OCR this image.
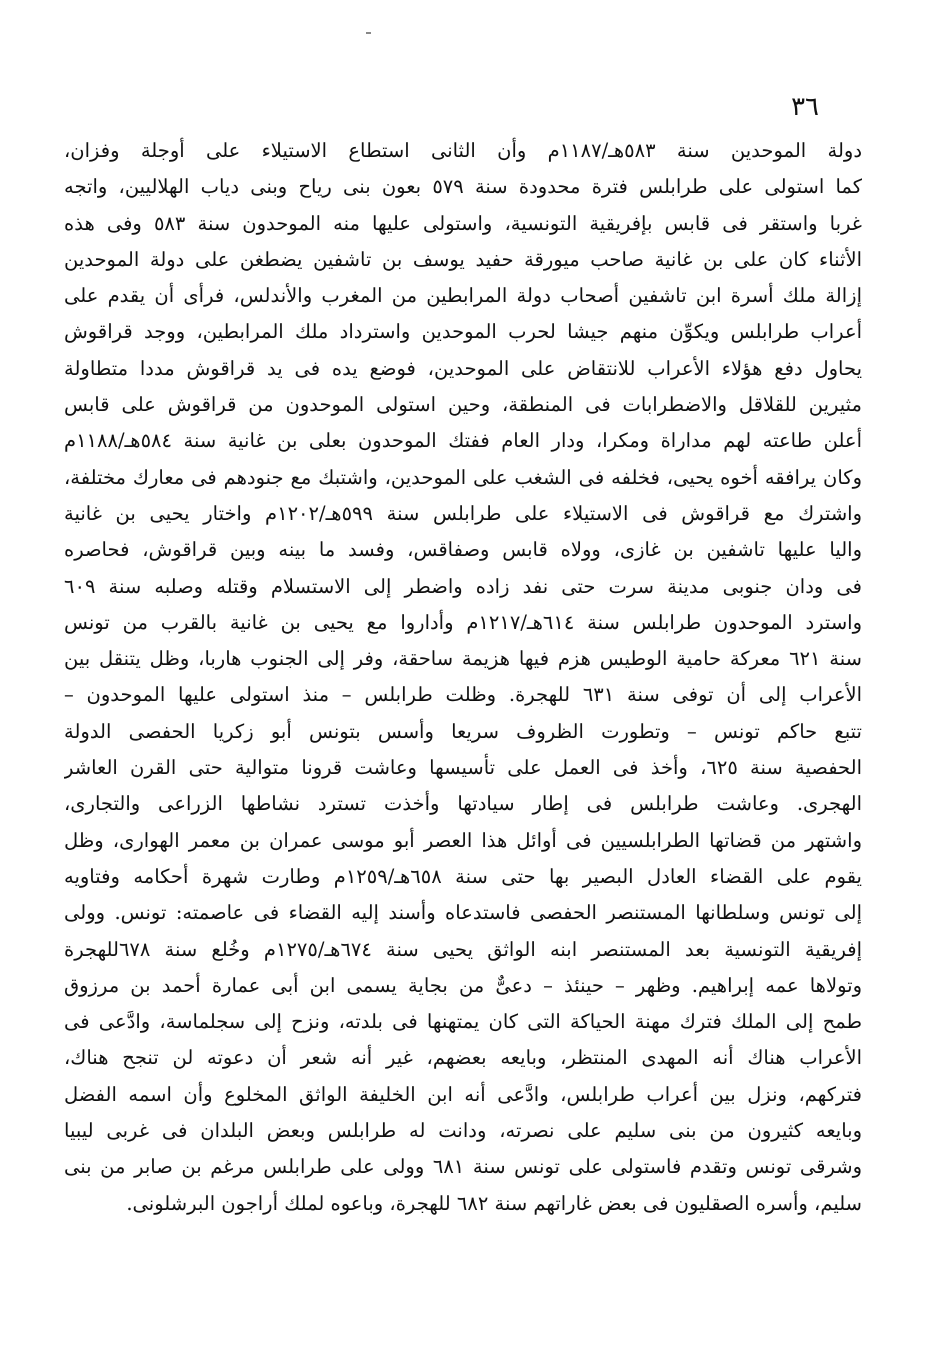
٣٦
دولة الموحدين سنة ٥٨٣هـ/١١٨٧م وأن الثانى استطاع الاستيلاء على أوجلة وفزان،
كما استولى على طرابلس فترة محدودة سنة ٥٧٩ بعون بنى رياح وبنى دياب الهلاليين، واتجه
غربا واستقر فى قابس بإفريقية التونسية، واستولى عليها منه الموحدون سنة ٥٨٣ وفى هذه
الأثناء كان على بن غانية صاحب ميورقة حفيد يوسف بن تاشفين يضطغن على دولة الموحدين
إزالة ملك أسرة ابن تاشفين أصحاب دولة المرابطين من المغرب والأندلس، فرأى أن يقدم على
أعراب طرابلس ويكوِّن منهم جيشا لحرب الموحدين واسترداد ملك المرابطين، ووجد قراقوش
يحاول دفع هؤلاء الأعراب للانتقاض على الموحدين، فوضع يده فى يد قراقوش مددا متطاولة
مثيرين للقلاقل والاضطرابات فى المنطقة، وحين استولى الموحدون من قراقوش على قابس
أعلن طاعته لهم مداراة ومكرا، ودار العام ففتك الموحدون بعلى بن غانية سنة ٥٨٤هـ/١١٨٨م
وكان يرافقه أخوه يحيى، فخلفه فى الشغب على الموحدين، واشتبك مع جنودهم فى معارك مختلفة،
واشترك مع قراقوش فى الاستيلاء على طرابلس سنة ٥٩٩هـ/١٢٠٢م واختار يحيى بن غانية
واليا عليها تاشفين بن غازى، وولاه قابس وصفاقس، وفسد ما بينه وبين قراقوش، فحاصره
فى ودان جنوبى مدينة سرت حتى نفد زاده واضطر إلى الاستسلام وقتله وصلبه سنة ٦٠٩
واسترد الموحدون طرابلس سنة ٦١٤هـ/١٢١٧م وأداروا مع يحيى بن غانية بالقرب من تونس
سنة ٦٢١ معركة حامية الوطيس هزم فيها هزيمة ساحقة، وفر إلى الجنوب هاربا، وظل يتنقل بين
الأعراب إلى أن توفى سنة ٦٣١ للهجرة. وظلت طرابلس – منذ استولى عليها الموحدون –
تتبع حاكم تونس – وتطورت الظروف سريعا وأسس بتونس أبو زكريا الحفصى الدولة
الحفصية سنة ٦٢٥، وأخذ فى العمل على تأسيسها وعاشت قرونا متوالية حتى القرن العاشر
الهجرى. وعاشت طرابلس فى إطار سيادتها وأخذت تسترد نشاطها الزراعى والتجارى،
واشتهر من قضاتها الطرابلسيين فى أوائل هذا العصر أبو موسى عمران بن معمر الهوارى، وظل
يقوم على القضاء العادل البصير بها حتى سنة ٦٥٨هـ/١٢٥٩م وطارت شهرة أحكامه وفتاويه
إلى تونس وسلطانها المستنصر الحفصى فاستدعاه وأسند إليه القضاء فى عاصمته: تونس. وولى
إفريقية التونسية بعد المستنصر ابنه الواثق يحيى سنة ٦٧٤هـ/١٢٧٥م وخُلع سنة ٦٧٨للهجرة
وتولاها عمه إبراهيم. وظهر – حينئذ – دعىٌّ من بجاية يسمى ابن أبى عمارة أحمد بن مرزوق
طمح إلى الملك فترك مهنة الحياكة التى كان يمتهنها فى بلدته، ونزح إلى سجلماسة، وادَّعى فى
الأعراب هناك أنه المهدى المنتظر، وبايعه بعضهم، غير أنه شعر أن دعوته لن تنجح هناك،
فتركهم، ونزل بين أعراب طرابلس، وادَّعى أنه ابن الخليفة الواثق المخلوع وأن اسمه الفضل
وبايعه كثيرون من بنى سليم على نصرته، ودانت له طرابلس وبعض البلدان فى غربى ليبيا
وشرقى تونس وتقدم فاستولى على تونس سنة ٦٨١ وولى على طرابلس مرغم بن صابر من بنى
سليم، وأسره الصقليون فى بعض غاراتهم سنة ٦٨٢ للهجرة، وباعوه لملك أراجون البرشلونى.
